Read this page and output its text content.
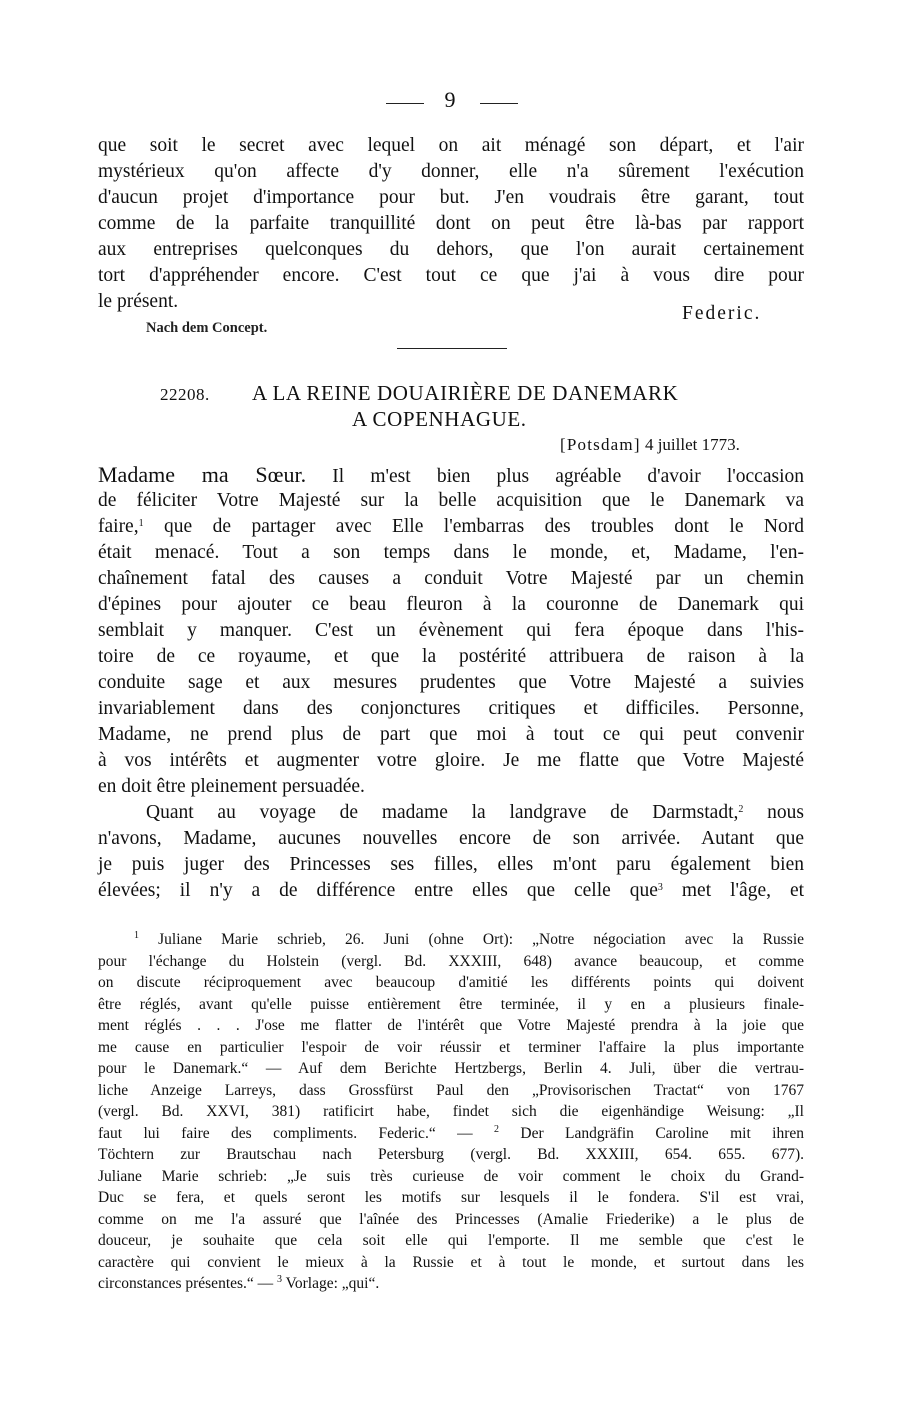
9
que soit le secret avec lequel on ait ménagé son départ, et l'air
mystérieux qu'on affecte d'y donner, elle n'a sûrement l'exécution
d'aucun projet d'importance pour but. J'en voudrais être garant, tout
comme de la parfaite tranquillité dont on peut être là-bas par rapport
aux entreprises quelconques du dehors, que l'on aurait certainement
tort d'appréhender encore. C'est tout ce que j'ai à vous dire pour
le présent.
Federic.
Nach dem Concept.
22208. A LA REINE DOUAIRIÈRE DE DANEMARK
A COPENHAGUE.
[Potsdam] 4 juillet 1773.
Madame ma Sœur. Il m'est bien plus agréable d'avoir l'occasion
de féliciter Votre Majesté sur la belle acquisition que le Danemark va
faire,$^1$ que de partager avec Elle l'embarras des troubles dont le Nord
était menacé. Tout a son temps dans le monde, et, Madame, l'en-
chaînement fatal des causes a conduit Votre Majesté par un chemin
d'épines pour ajouter ce beau fleuron à la couronne de Danemark qui
semblait y manquer. C'est un évènement qui fera époque dans l'his-
toire de ce royaume, et que la postérité attribuera de raison à la
conduite sage et aux mesures prudentes que Votre Majesté a suivies
invariablement dans des conjonctures critiques et difficiles. Personne,
Madame, ne prend plus de part que moi à tout ce qui peut convenir
à vos intérêts et augmenter votre gloire. Je me flatte que Votre Majesté
en doit être pleinement persuadée.
Quant au voyage de madame la landgrave de Darmstadt,$^2$ nous
n'avons, Madame, aucunes nouvelles encore de son arrivée. Autant que
je puis juger des Princesses ses filles, elles m'ont paru également bien
élevées; il n'y a de différence entre elles que celle que$^3$ met l'âge, et
$^1$ Juliane Marie schrieb, 26. Juni (ohne Ort): „Notre négociation avec la Russie
pour l'échange du Holstein (vergl. Bd. XXXIII, 648) avance beaucoup, et comme
on discute réciproquement avec beaucoup d'amitié les différents points qui doivent
être réglés, avant qu'elle puisse entièrement être terminée, il y en a plusieurs finale-
ment réglés . . . J'ose me flatter de l'intérêt que Votre Majesté prendra à la joie que
me cause en particulier l'espoir de voir réussir et terminer l'affaire la plus importante
pour le Danemark.“ — Auf dem Berichte Hertzbergs, Berlin 4. Juli, über die vertrau-
liche Anzeige Larreys, dass Grossfürst Paul den „Provisorischen Tractat“ von 1767
(vergl. Bd. XXVI, 381) ratificirt habe, findet sich die eigenhändige Weisung: „Il
faut lui faire des compliments. Federic.“ — $^2$ Der Landgräfin Caroline mit ihren
Töchtern zur Brautschau nach Petersburg (vergl. Bd. XXXIII, 654. 655. 677).
Juliane Marie schrieb: „Je suis très curieuse de voir comment le choix du Grand-
Duc se fera, et quels seront les motifs sur lesquels il le fondera. S'il est vrai,
comme on me l'a assuré que l'aînée des Princesses (Amalie Friederike) a le plus de
douceur, je souhaite que cela soit elle qui l'emporte. Il me semble que c'est le
caractère qui convient le mieux à la Russie et à tout le monde, et surtout dans les
circonstances présentes.“ — $^3$ Vorlage: „qui“.
